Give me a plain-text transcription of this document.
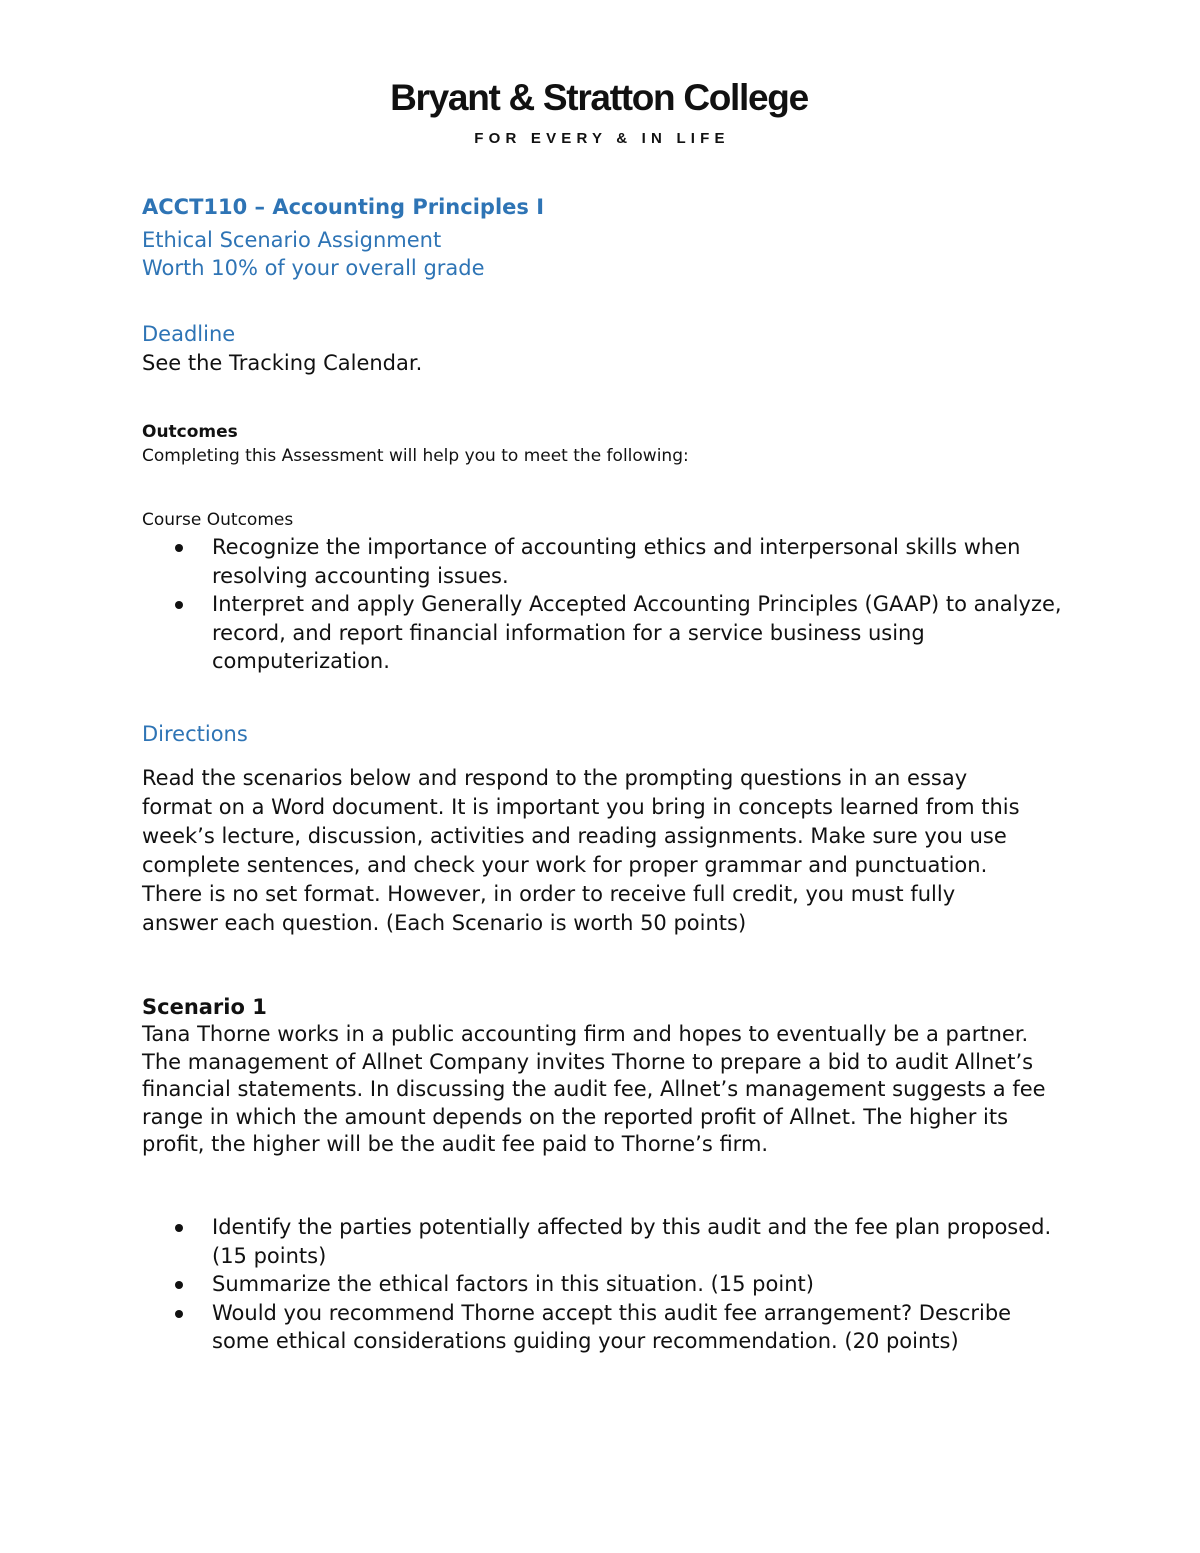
Bryant & Stratton College
FOR EVERY & IN LIFE
ACCT110 – Accounting Principles I
Ethical Scenario Assignment
Worth 10% of your overall grade
Deadline
See the Tracking Calendar.
Outcomes
Completing this Assessment will help you to meet the following:
Course Outcomes
Recognize the importance of accounting ethics and interpersonal skills when resolving accounting issues.
Interpret and apply Generally Accepted Accounting Principles (GAAP) to analyze, record, and report financial information for a service business using computerization.
Directions
Read the scenarios below and respond to the prompting questions in an essay format on a Word document. It is important you bring in concepts learned from this week’s lecture, discussion, activities and reading assignments. Make sure you use complete sentences, and check your work for proper grammar and punctuation. There is no set format. However, in order to receive full credit, you must fully answer each question. (Each Scenario is worth 50 points)
Scenario 1
Tana Thorne works in a public accounting firm and hopes to eventually be a partner. The management of Allnet Company invites Thorne to prepare a bid to audit Allnet’s financial statements. In discussing the audit fee, Allnet’s management suggests a fee range in which the amount depends on the reported profit of Allnet. The higher its profit, the higher will be the audit fee paid to Thorne’s firm.
Identify the parties potentially affected by this audit and the fee plan proposed. (15 points)
Summarize the ethical factors in this situation. (15 point)
Would you recommend Thorne accept this audit fee arrangement? Describe some ethical considerations guiding your recommendation. (20 points)
